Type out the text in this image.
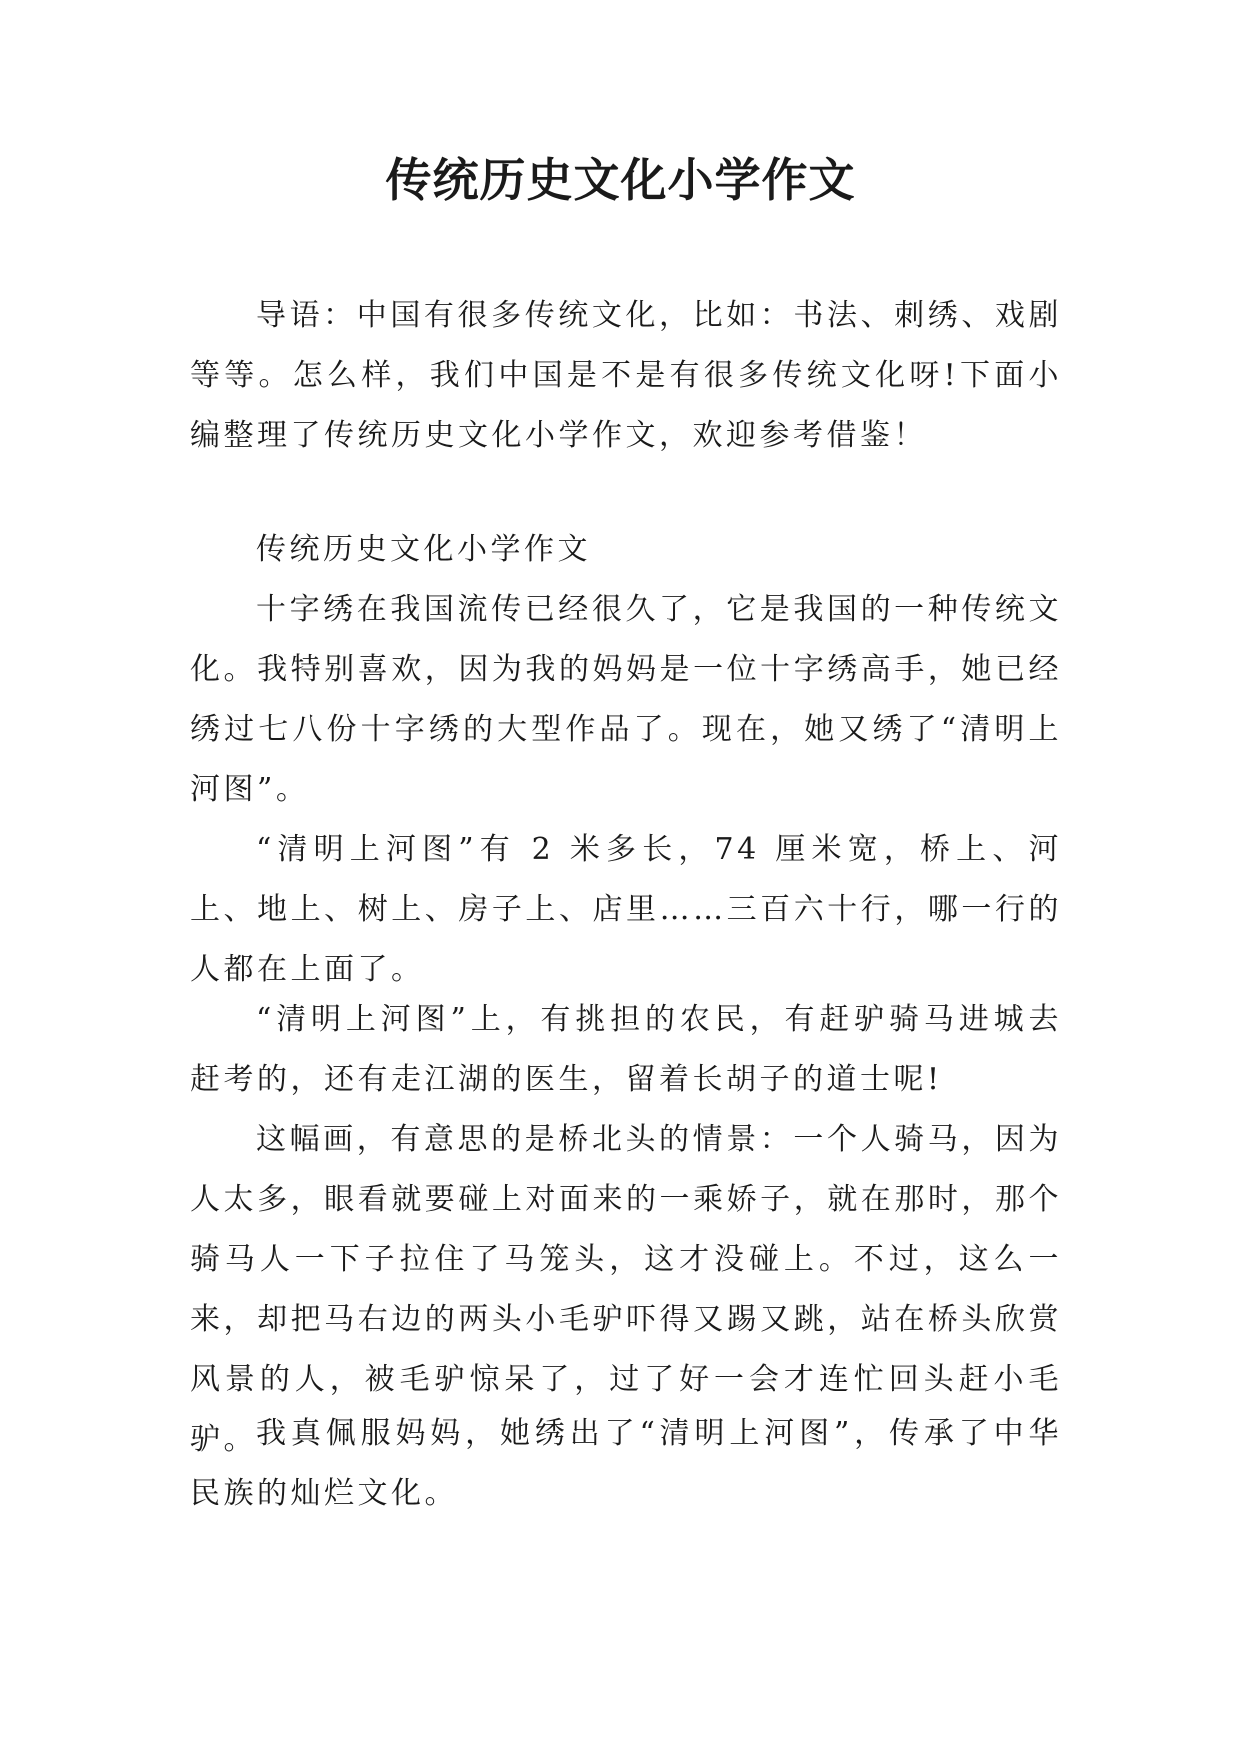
传统历史文化小学作文

导语：中国有很多传统文化，比如：书法、刺绣、戏剧等等。怎么样，我们中国是不是有很多传统文化呀!下面小编整理了传统历史文化小学作文，欢迎参考借鉴！

传统历史文化小学作文

十字绣在我国流传已经很久了，它是我国的一种传统文化。我特别喜欢，因为我的妈妈是一位十字绣高手，她已经绣过七八份十字绣的大型作品了。现在，她又绣了“清明上河图”。

“清明上河图”有 2 米多长，74 厘米宽，桥上、河上、地上、树上、房子上、店里……三百六十行，哪一行的人都在上面了。

“清明上河图”上，有挑担的农民，有赶驴骑马进城去赶考的，还有走江湖的医生，留着长胡子的道士呢!

这幅画，有意思的是桥北头的情景：一个人骑马，因为人太多，眼看就要碰上对面来的一乘娇子，就在那时，那个骑马人一下子拉住了马笼头，这才没碰上。不过，这么一来，却把马右边的两头小毛驴吓得又踢又跳，站在桥头欣赏风景的人，被毛驴惊呆了，过了好一会才连忙回头赶小毛驴。 我真佩服妈妈，她绣出了“清明上河图”，传承了中华民族的灿烂文化。
